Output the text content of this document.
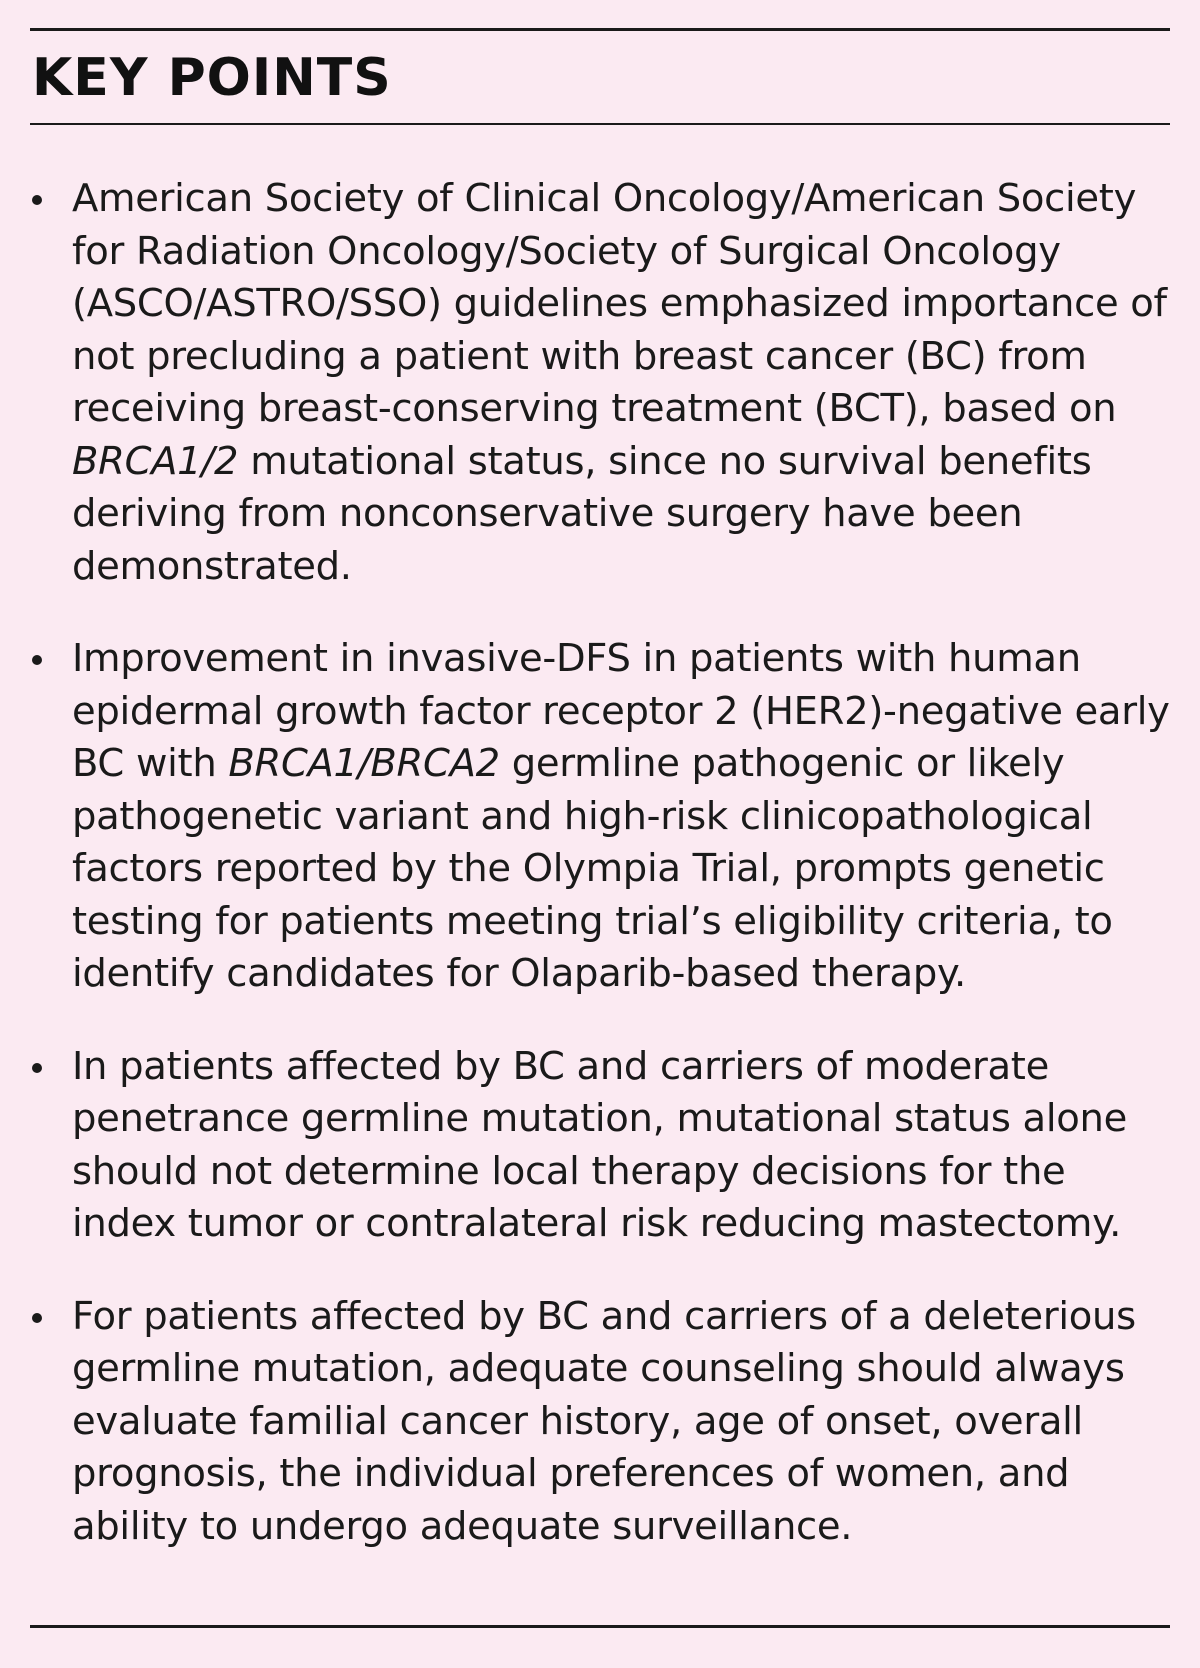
KEY POINTS
American Society of Clinical Oncology/American Society for Radiation Oncology/Society of Surgical Oncology (ASCO/ASTRO/SSO) guidelines emphasized importance of not precluding a patient with breast cancer (BC) from receiving breast-conserving treatment (BCT), based on BRCA1/2 mutational status, since no survival benefits deriving from nonconservative surgery have been demonstrated.
Improvement in invasive-DFS in patients with human epidermal growth factor receptor 2 (HER2)-negative early BC with BRCA1/BRCA2 germline pathogenic or likely pathogenetic variant and high-risk clinicopathological factors reported by the Olympia Trial, prompts genetic testing for patients meeting trial’s eligibility criteria, to identify candidates for Olaparib-based therapy.
In patients affected by BC and carriers of moderate penetrance germline mutation, mutational status alone should not determine local therapy decisions for the index tumor or contralateral risk reducing mastectomy.
For patients affected by BC and carriers of a deleterious germline mutation, adequate counseling should always evaluate familial cancer history, age of onset, overall prognosis, the individual preferences of women, and ability to undergo adequate surveillance.
